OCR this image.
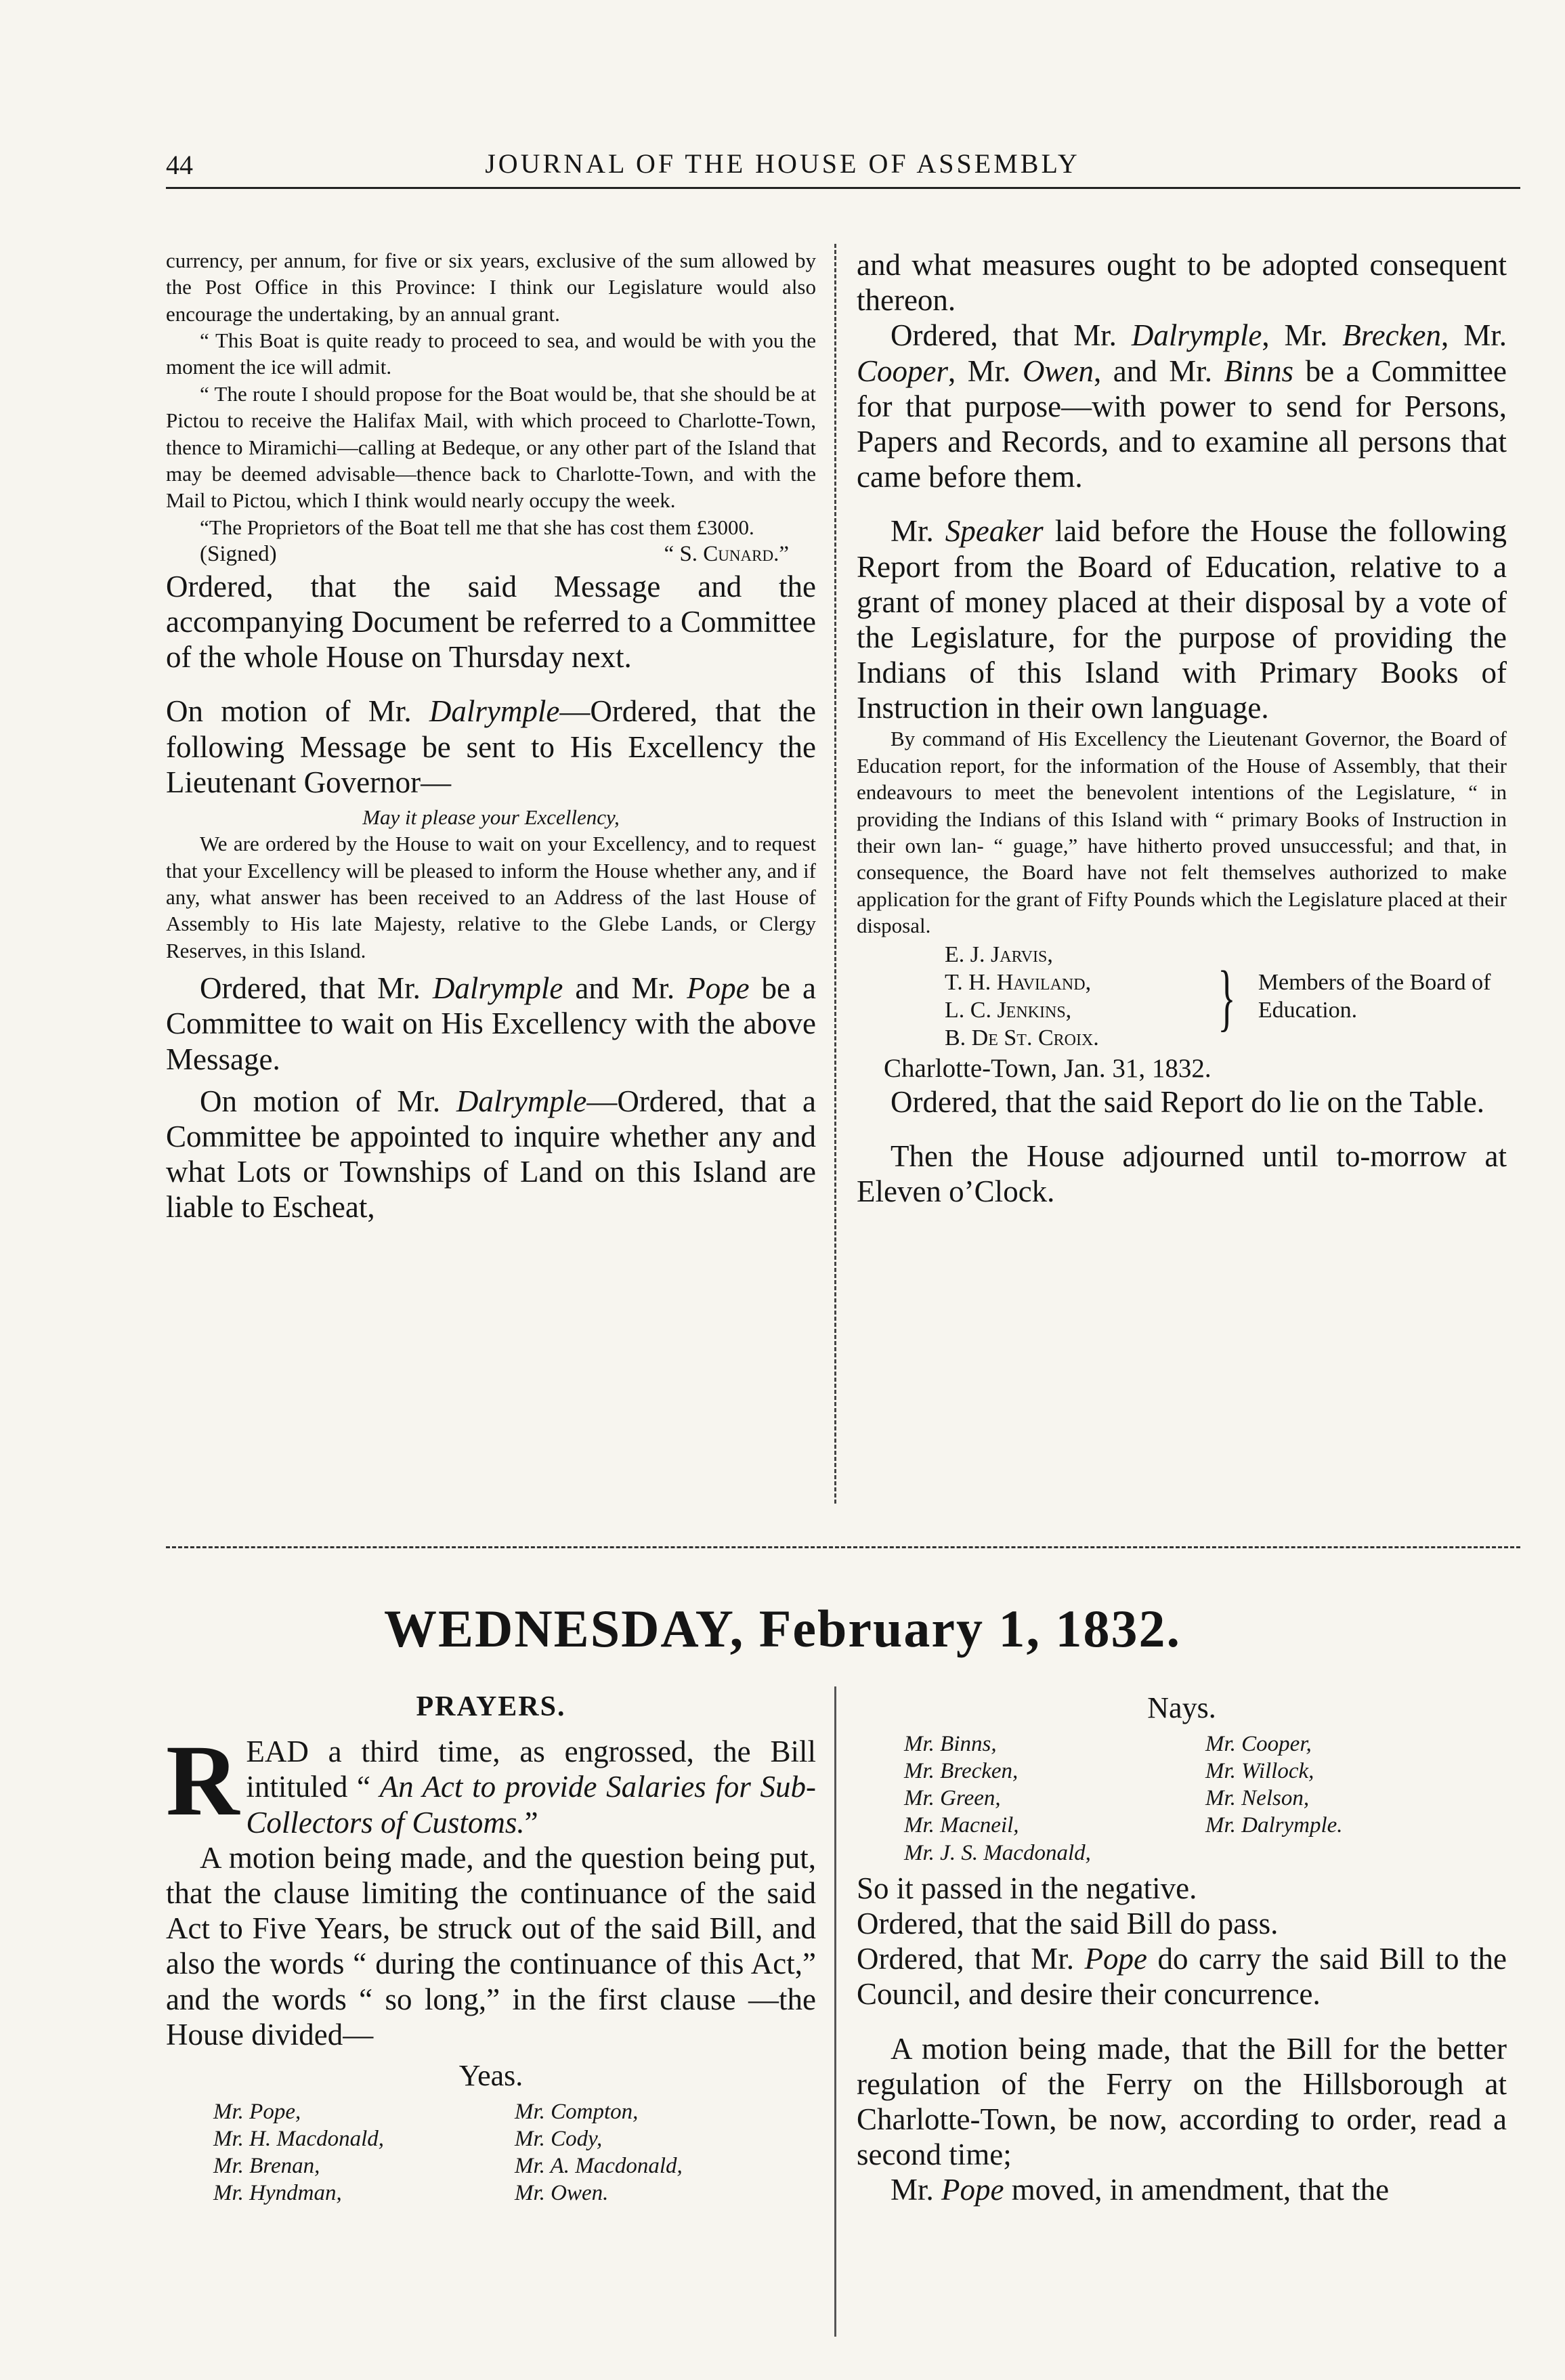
44	JOURNAL OF THE HOUSE OF ASSEMBLY

currency, per annum, for five or six years, exclusive of the sum allowed by the Post Office in this Province: I think our Legislature would also encourage the undertaking, by an annual grant.

“ This Boat is quite ready to proceed to sea, and would be with you the moment the ice will admit.

“ The route I should propose for the Boat would be, that she should be at Pictou to receive the Halifax Mail, with which proceed to Charlotte-Town, thence to Miramichi—calling at Bedeque, or any other part of the Island that may be deemed advisable—thence back to Charlotte-Town, and with the Mail to Pictou, which I think would nearly occupy the week.

“The Proprietors of the Boat tell me that she has cost them £3000.

(Signed)	“ S. Cunard.”

Ordered, that the said Message and the accompanying Document be referred to a Committee of the whole House on Thursday next.

On motion of Mr. Dalrymple—Ordered, that the following Message be sent to His Excellency the Lieutenant Governor—

May it please your Excellency,

We are ordered by the House to wait on your Excellency, and to request that your Excellency will be pleased to inform the House whether any, and if any, what answer has been received to an Address of the last House of Assembly to His late Majesty, relative to the Glebe Lands, or Clergy Reserves, in this Island.

Ordered, that Mr. Dalrymple and Mr. Pope be a Committee to wait on His Excellency with the above Message.

On motion of Mr. Dalrymple—Ordered, that a Committee be appointed to inquire whether any and what Lots or Townships of Land on this Island are liable to Escheat,

and what measures ought to be adopted consequent thereon.

Ordered, that Mr. Dalrymple, Mr. Brecken, Mr. Cooper, Mr. Owen, and Mr. Binns be a Committee for that purpose—with power to send for Persons, Papers and Records, and to examine all persons that came before them.

Mr. Speaker laid before the House the following Report from the Board of Education, relative to a grant of money placed at their disposal by a vote of the Legislature, for the purpose of providing the Indians of this Island with Primary Books of Instruction in their own language.

By command of His Excellency the Lieutenant Governor, the Board of Education report, for the information of the House of Assembly, that their endeavours to meet the benevolent intentions of the Legislature, “ in providing the Indians of this Island with “ primary Books of Instruction in their own lan- “ guage,” have hitherto proved unsuccessful; and that, in consequence, the Board have not felt themselves authorized to make application for the grant of Fifty Pounds which the Legislature placed at their disposal.

E. J. Jarvis,
T. H. Haviland,
L. C. Jenkins,
B. De St. Croix.	} Members of the Board of Education.

Charlotte-Town, Jan. 31, 1832.

Ordered, that the said Report do lie on the Table.

Then the House adjourned until to-morrow at Eleven o’Clock.

WEDNESDAY, February 1, 1832.
PRAYERS.

READ a third time, as engrossed, the Bill intituled “ An Act to provide Salaries for Sub-Collectors of Customs.”

A motion being made, and the question being put, that the clause limiting the continuance of the said Act to Five Years, be struck out of the said Bill, and also the words “ during the continuance of this Act,” and the words “ so long,” in the first clause —the House divided—

Yeas.
Mr. Pope,	Mr. Compton,
Mr. H. Macdonald,	Mr. Cody,
Mr. Brenan,	Mr. A. Macdonald,
Mr. Hyndman,	Mr. Owen.
Nays.
Mr. Binns,	Mr. Cooper,
Mr. Brecken,	Mr. Willock,
Mr. Green,	Mr. Nelson,
Mr. Macneil,	Mr. Dalrymple.
Mr. J. S. Macdonald,

So it passed in the negative.

Ordered, that the said Bill do pass.

Ordered, that Mr. Pope do carry the said Bill to the Council, and desire their concurrence.

A motion being made, that the Bill for the better regulation of the Ferry on the Hillsborough at Charlotte-Town, be now, according to order, read a second time;

Mr. Pope moved, in amendment, that the
